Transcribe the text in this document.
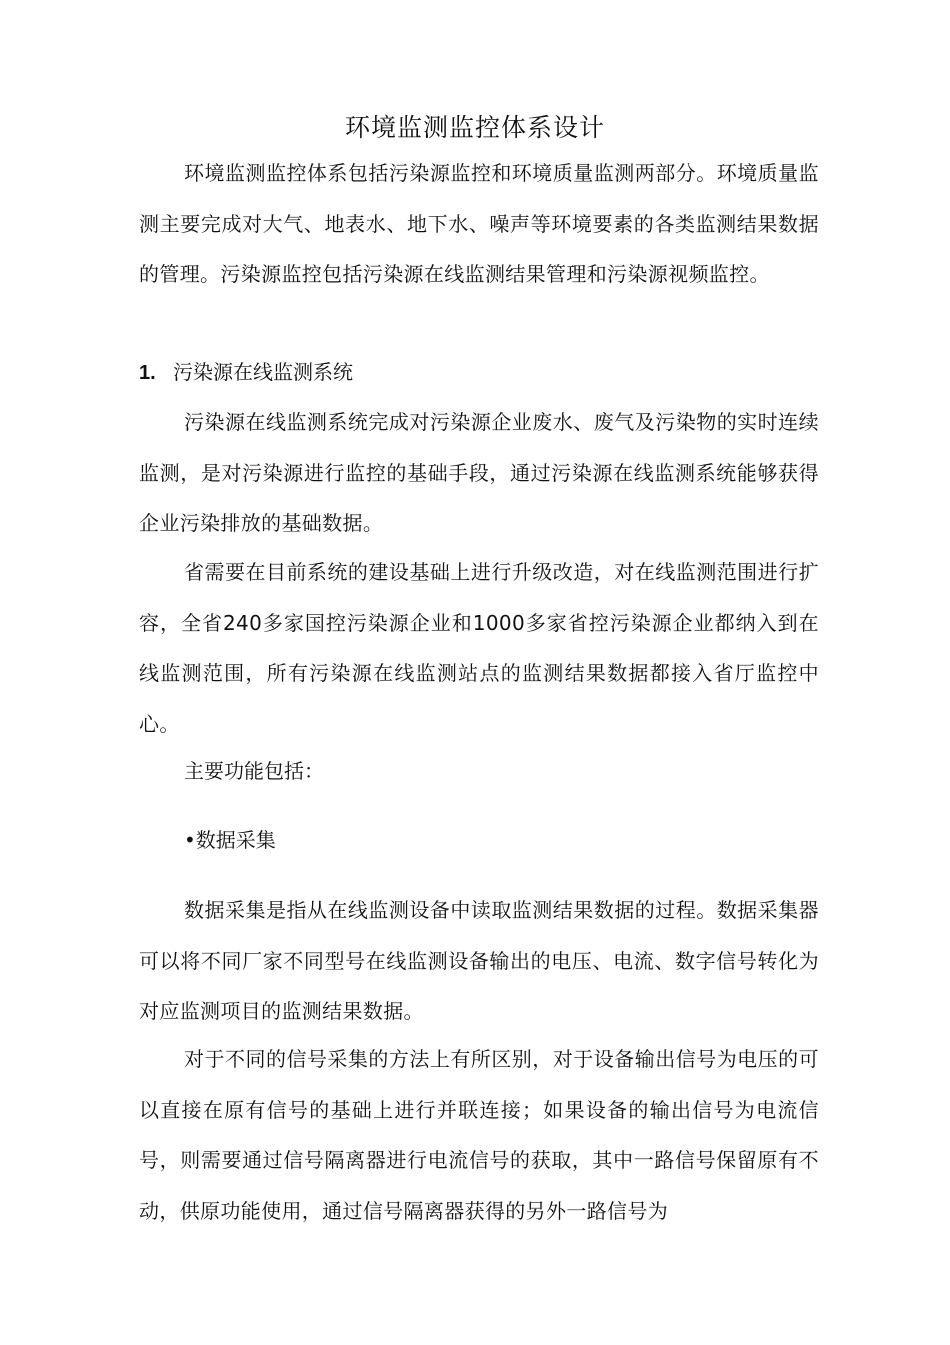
环境监测监控体系设计

环境监测监控体系包括污染源监控和环境质量监测两部分。环境质量监测主要完成对大气、地表水、地下水、噪声等环境要素的各类监测结果数据的管理。污染源监控包括污染源在线监测结果管理和污染源视频监控。

1. 污染源在线监测系统

污染源在线监测系统完成对污染源企业废水、废气及污染物的实时连续监测，是对污染源进行监控的基础手段，通过污染源在线监测系统能够获得企业污染排放的基础数据。

省需要在目前系统的建设基础上进行升级改造，对在线监测范围进行扩容，全省240多家国控污染源企业和1000多家省控污染源企业都纳入到在线监测范围，所有污染源在线监测站点的监测结果数据都接入省厅监控中心。

主要功能包括：

•数据采集

数据采集是指从在线监测设备中读取监测结果数据的过程。数据采集器可以将不同厂家不同型号在线监测设备输出的电压、电流、数字信号转化为对应监测项目的监测结果数据。

对于不同的信号采集的方法上有所区别，对于设备输出信号为电压的可以直接在原有信号的基础上进行并联连接；如果设备的输出信号为电流信号，则需要通过信号隔离器进行电流信号的获取，其中一路信号保留原有不动，供原功能使用，通过信号隔离器获得的另外一路信号为
